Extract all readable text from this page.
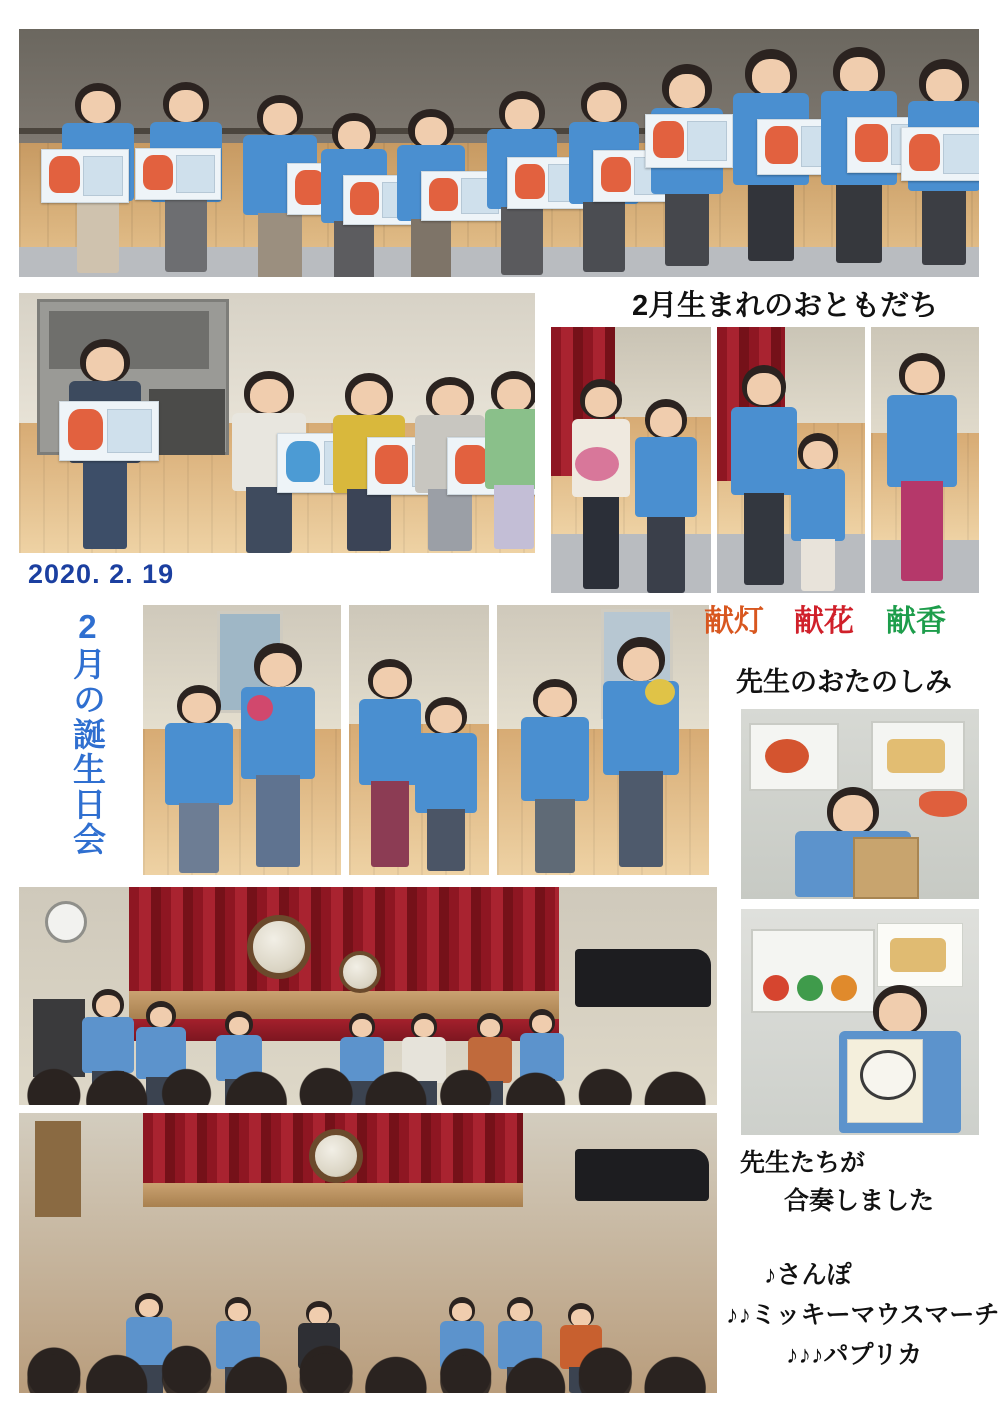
2月生まれのおともだち
2020. 2. 19
2月の誕生日会	献灯 献花 献香
先生のおたのしみ
先生たちが
合奏しました
♪さんぽ
♪♪ミッキーマウスマーチ
♪♪♪パプリカ
